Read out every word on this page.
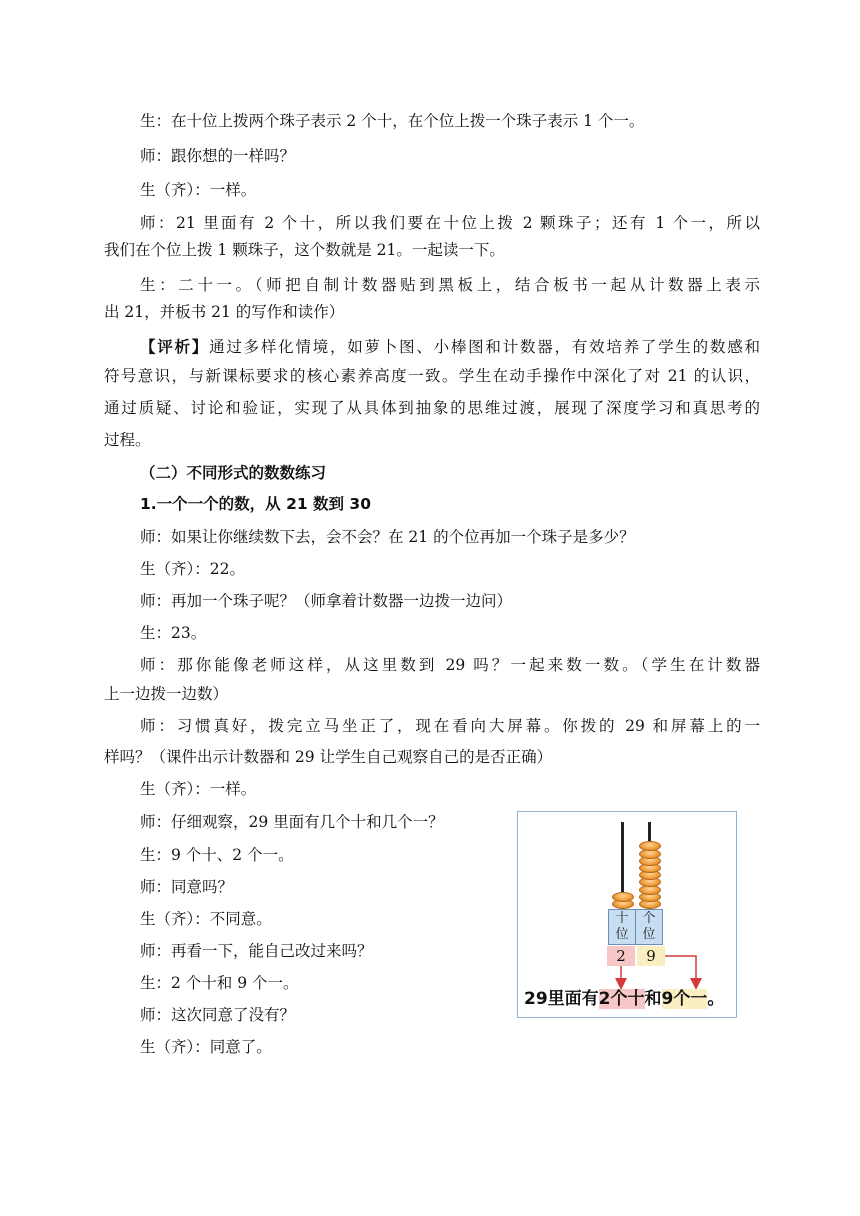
生：在十位上拨两个珠子表示 2 个十，在个位上拨一个珠子表示 1 个一。
师：跟你想的一样吗？
生（齐）：一样。
师：21 里面有 2 个十，所以我们要在十位上拨 2 颗珠子；还有 1 个一，所以
我们在个位上拨 1 颗珠子，这个数就是 21。一起读一下。
生：二十一。（师把自制计数器贴到黑板上，结合板书一起从计数器上表示
出 21，并板书 21 的写作和读作）
【评析】通过多样化情境，如萝卜图、小棒图和计数器，有效培养了学生的数感和
符号意识，与新课标要求的核心素养高度一致。学生在动手操作中深化了对 21 的认识，
通过质疑、讨论和验证，实现了从具体到抽象的思维过渡，展现了深度学习和真思考的
过程。
（二）不同形式的数数练习
1.一个一个的数，从 21 数到 30
师：如果让你继续数下去，会不会？在 21 的个位再加一个珠子是多少？
生（齐）：22。
师：再加一个珠子呢？（师拿着计数器一边拨一边问）
生：23。
师：那你能像老师这样，从这里数到 29 吗？一起来数一数。（学生在计数器
上一边拨一边数）
师：习惯真好，拨完立马坐正了，现在看向大屏幕。你拨的 29 和屏幕上的一
样吗？（课件出示计数器和 29 让学生自己观察自己的是否正确）
生（齐）：一样。
师：仔细观察，29 里面有几个十和几个一？
生：9 个十、2 个一。
师：同意吗？
生（齐）：不同意。
师：再看一下，能自己改过来吗？
生：2 个十和 9 个一。
师：这次同意了没有？
生（齐）：同意了。
十位
个位
2	9
29里面有2个十和9个一。
